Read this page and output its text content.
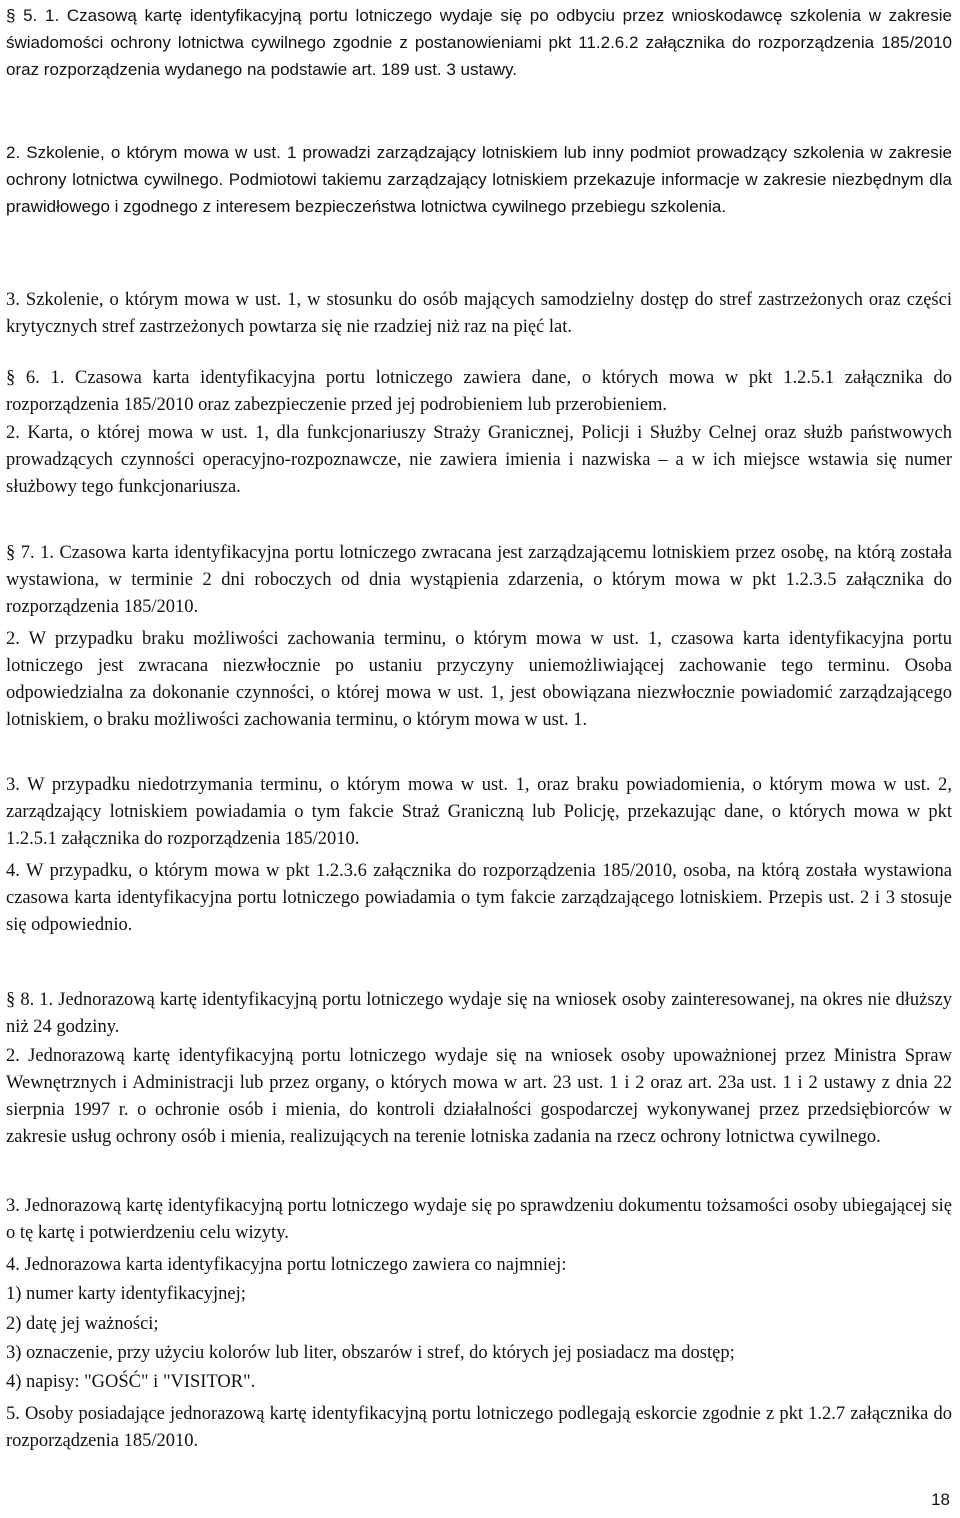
§ 5. 1. Czasową kartę identyfikacyjną portu lotniczego wydaje się po odbyciu przez wnioskodawcę szkolenia w zakresie świadomości ochrony lotnictwa cywilnego zgodnie z postanowieniami pkt 11.2.6.2 załącznika do rozporządzenia 185/2010 oraz rozporządzenia wydanego na podstawie art. 189 ust. 3 ustawy.
2. Szkolenie, o którym mowa w ust. 1 prowadzi zarządzający lotniskiem lub inny podmiot prowadzący szkolenia w zakresie ochrony lotnictwa cywilnego. Podmiotowi takiemu zarządzający lotniskiem przekazuje informacje w zakresie niezbędnym dla prawidłowego i zgodnego z interesem bezpieczeństwa lotnictwa cywilnego przebiegu szkolenia.
3. Szkolenie, o którym mowa w ust. 1, w stosunku do osób mających samodzielny dostęp do stref zastrzeżonych oraz części krytycznych stref zastrzeżonych powtarza się nie rzadziej niż raz na pięć lat.
§ 6. 1. Czasowa karta identyfikacyjna portu lotniczego zawiera dane, o których mowa w pkt 1.2.5.1 załącznika do rozporządzenia 185/2010 oraz zabezpieczenie przed jej podrobieniem lub przerobieniem.
2. Karta, o której mowa w ust. 1, dla funkcjonariuszy Straży Granicznej, Policji i Służby Celnej oraz służb państwowych prowadzących czynności operacyjno-rozpoznawcze, nie zawiera imienia i nazwiska – a w ich miejsce wstawia się numer służbowy tego funkcjonariusza.
§ 7. 1. Czasowa karta identyfikacyjna portu lotniczego zwracana jest zarządzającemu lotniskiem przez osobę, na którą została wystawiona, w terminie 2 dni roboczych od dnia wystąpienia zdarzenia, o którym mowa w pkt 1.2.3.5 załącznika do rozporządzenia 185/2010.
2. W przypadku braku możliwości zachowania terminu, o którym mowa w ust. 1, czasowa karta identyfikacyjna portu lotniczego jest zwracana niezwłocznie po ustaniu przyczyny uniemożliwiającej zachowanie tego terminu. Osoba odpowiedzialna za dokonanie czynności, o której mowa w ust. 1, jest obowiązana niezwłocznie powiadomić zarządzającego lotniskiem, o braku możliwości zachowania terminu, o którym mowa w ust. 1.
3. W przypadku niedotrzymania terminu, o którym mowa w ust. 1, oraz braku powiadomienia, o którym mowa w ust. 2, zarządzający lotniskiem powiadamia o tym fakcie Straż Graniczną lub Policję, przekazując dane, o których mowa w pkt 1.2.5.1 załącznika do rozporządzenia 185/2010.
4. W przypadku, o którym mowa w pkt 1.2.3.6 załącznika do rozporządzenia 185/2010, osoba, na którą została wystawiona czasowa karta identyfikacyjna portu lotniczego powiadamia o tym fakcie zarządzającego lotniskiem. Przepis ust. 2 i 3 stosuje się odpowiednio.
§ 8. 1. Jednorazową kartę identyfikacyjną portu lotniczego wydaje się na wniosek osoby zainteresowanej, na okres nie dłuższy niż 24 godziny.
2. Jednorazową kartę identyfikacyjną portu lotniczego wydaje się na wniosek osoby upoważnionej przez Ministra Spraw Wewnętrznych i Administracji lub przez organy, o których mowa w art. 23 ust. 1 i 2 oraz art. 23a ust. 1 i 2 ustawy z dnia 22 sierpnia 1997 r. o ochronie osób i mienia, do kontroli działalności gospodarczej wykonywanej przez przedsiębiorców w zakresie usług ochrony osób i mienia, realizujących na terenie lotniska zadania na rzecz ochrony lotnictwa cywilnego.
3. Jednorazową kartę identyfikacyjną portu lotniczego wydaje się po sprawdzeniu dokumentu tożsamości osoby ubiegającej się o tę kartę i potwierdzeniu celu wizyty.
4. Jednorazowa karta identyfikacyjna portu lotniczego zawiera co najmniej:
1) numer karty identyfikacyjnej;
2) datę jej ważności;
3) oznaczenie, przy użyciu kolorów lub liter, obszarów i stref, do których jej posiadacz ma dostęp;
4) napisy: "GOŚĆ" i "VISITOR".
5. Osoby posiadające jednorazową kartę identyfikacyjną portu lotniczego podlegają eskorcie zgodnie z pkt 1.2.7 załącznika do rozporządzenia 185/2010.
18
